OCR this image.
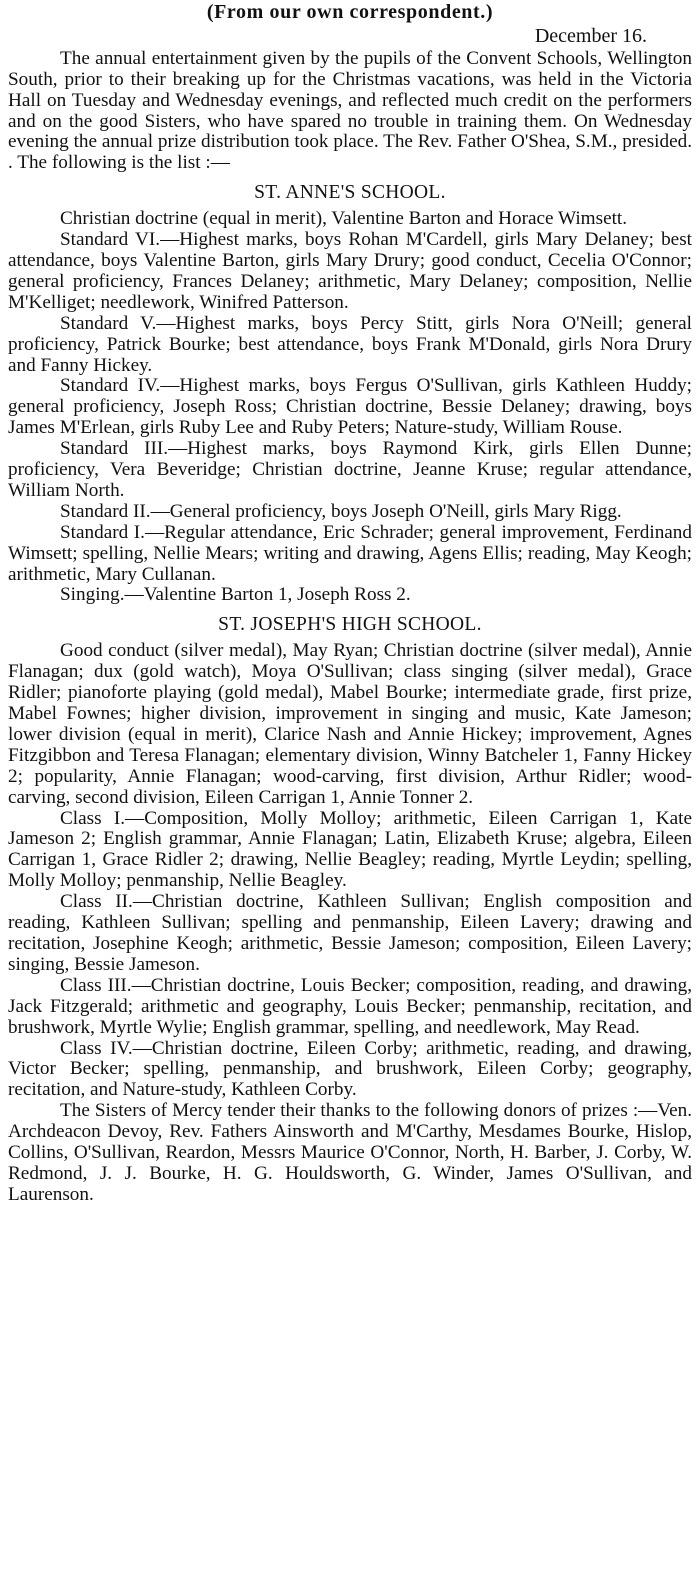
(From our own correspondent.)
December 16.

The annual entertainment given by the pupils of the Convent Schools, Wellington South, prior to their breaking up for the Christmas vacations, was held in the Victoria Hall on Tuesday and Wednesday evenings, and reflected much credit on the performers and on the good Sisters, who have spared no trouble in training them. On Wednesday evening the annual prize distribution took place. The Rev. Father O'Shea, S.M., presided. . The following is the list :—

ST. ANNE'S SCHOOL.

Christian doctrine (equal in merit), Valentine Barton and Horace Wimsett.

Standard VI.—Highest marks, boys Rohan M'Cardell, girls Mary Delaney; best attendance, boys Valentine Barton, girls Mary Drury; good conduct, Cecelia O'Connor; general proficiency, Frances Delaney; arithmetic, Mary Delaney; composition, Nellie M'Kelliget; needlework, Winifred Patterson.

Standard V.—Highest marks, boys Percy Stitt, girls Nora O'Neill; general proficiency, Patrick Bourke; best attendance, boys Frank M'Donald, girls Nora Drury and Fanny Hickey.

Standard IV.—Highest marks, boys Fergus O'Sullivan, girls Kathleen Huddy; general proficiency, Joseph Ross; Christian doctrine, Bessie Delaney; drawing, boys James M'Erlean, girls Ruby Lee and Ruby Peters; Nature-study, William Rouse.

Standard III.—Highest marks, boys Raymond Kirk, girls Ellen Dunne; proficiency, Vera Beveridge; Christian doctrine, Jeanne Kruse; regular attendance, William North.

Standard II.—General proficiency, boys Joseph O'Neill, girls Mary Rigg.

Standard I.—Regular attendance, Eric Schrader; general improvement, Ferdinand Wimsett; spelling, Nellie Mears; writing and drawing, Agens Ellis; reading, May Keogh; arithmetic, Mary Cullanan.

Singing.—Valentine Barton 1, Joseph Ross 2.

ST. JOSEPH'S HIGH SCHOOL.

Good conduct (silver medal), May Ryan; Christian doctrine (silver medal), Annie Flanagan; dux (gold watch), Moya O'Sullivan; class singing (silver medal), Grace Ridler; pianoforte playing (gold medal), Mabel Bourke; intermediate grade, first prize, Mabel Fownes; higher division, improvement in singing and music, Kate Jameson; lower division (equal in merit), Clarice Nash and Annie Hickey; improvement, Agnes Fitzgibbon and Teresa Flanagan; elementary division, Winny Batcheler 1, Fanny Hickey 2; popularity, Annie Flanagan; wood-carving, first division, Arthur Ridler; wood-carving, second division, Eileen Carrigan 1, Annie Tonner 2.

Class I.—Composition, Molly Molloy; arithmetic, Eileen Carrigan 1, Kate Jameson 2; English grammar, Annie Flanagan; Latin, Elizabeth Kruse; algebra, Eileen Carrigan 1, Grace Ridler 2; drawing, Nellie Beagley; reading, Myrtle Leydin; spelling, Molly Molloy; penmanship, Nellie Beagley.

Class II.—Christian doctrine, Kathleen Sullivan; English composition and reading, Kathleen Sullivan; spelling and penmanship, Eileen Lavery; drawing and recitation, Josephine Keogh; arithmetic, Bessie Jameson; composition, Eileen Lavery; singing, Bessie Jameson.

Class III.—Christian doctrine, Louis Becker; composition, reading, and drawing, Jack Fitzgerald; arithmetic and geography, Louis Becker; penmanship, recitation, and brushwork, Myrtle Wylie; English grammar, spelling, and needlework, May Read.

Class IV.—Christian doctrine, Eileen Corby; arithmetic, reading, and drawing, Victor Becker; spelling, penmanship, and brushwork, Eileen Corby; geography, recitation, and Nature-study, Kathleen Corby.

The Sisters of Mercy tender their thanks to the following donors of prizes :—Ven. Archdeacon Devoy, Rev. Fathers Ainsworth and M'Carthy, Mesdames Bourke, Hislop, Collins, O'Sullivan, Reardon, Messrs Maurice O'Connor, North, H. Barber, J. Corby, W. Redmond, J. J. Bourke, H. G. Houldsworth, G. Winder, James O'Sullivan, and Laurenson.
